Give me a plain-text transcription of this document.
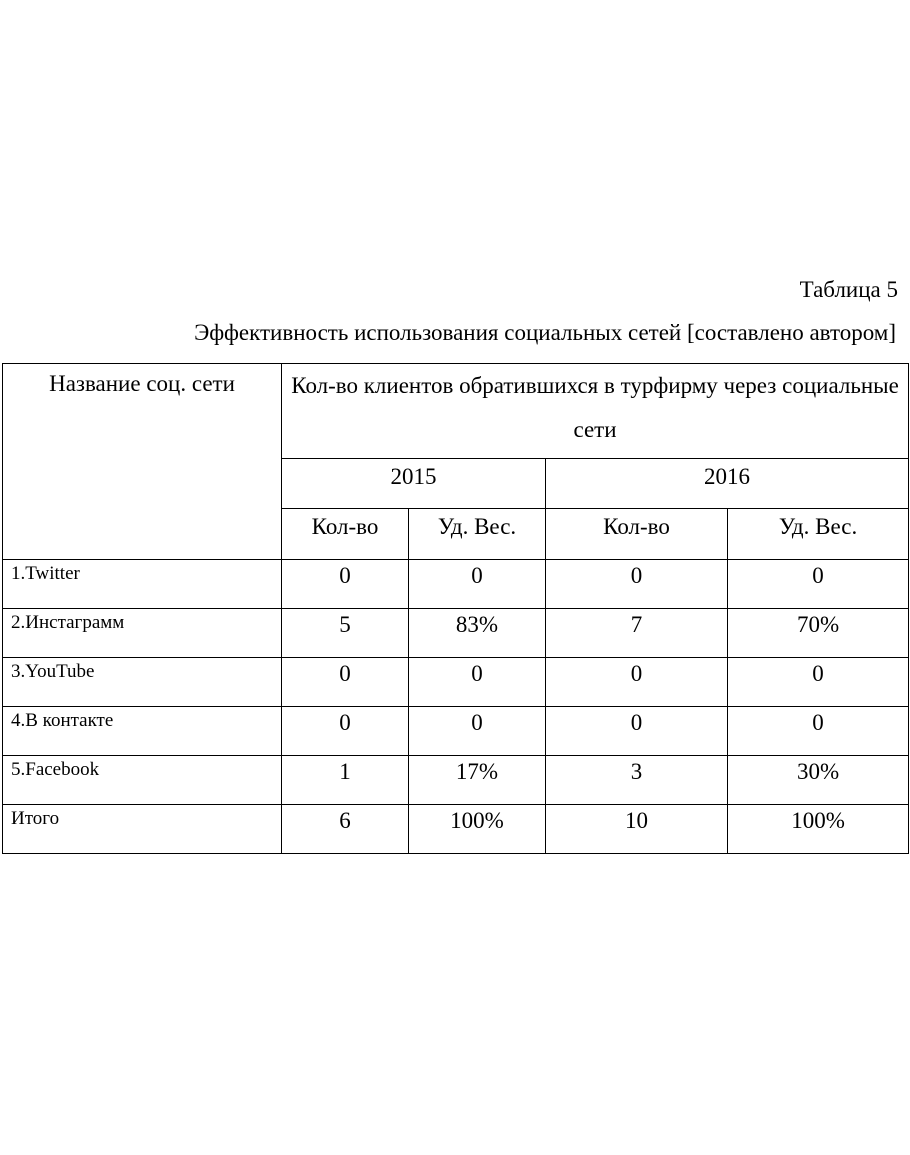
Таблица 5
Эффективность использования социальных сетей [составлено автором]
Название соц. сети	Кол-во клиентов обратившихся в турфирму через социальные сети			
	2015		2016	
	Кол-во	Уд. Вес.	Кол-во	Уд. Вес.
1.Twitter	0	0	0	0
2.Инстаграмм	5	83%	7	70%
3.YouTube	0	0	0	0
4.В контакте	0	0	0	0
5.Facebook	1	17%	3	30%
Итого	6	100%	10	100%
